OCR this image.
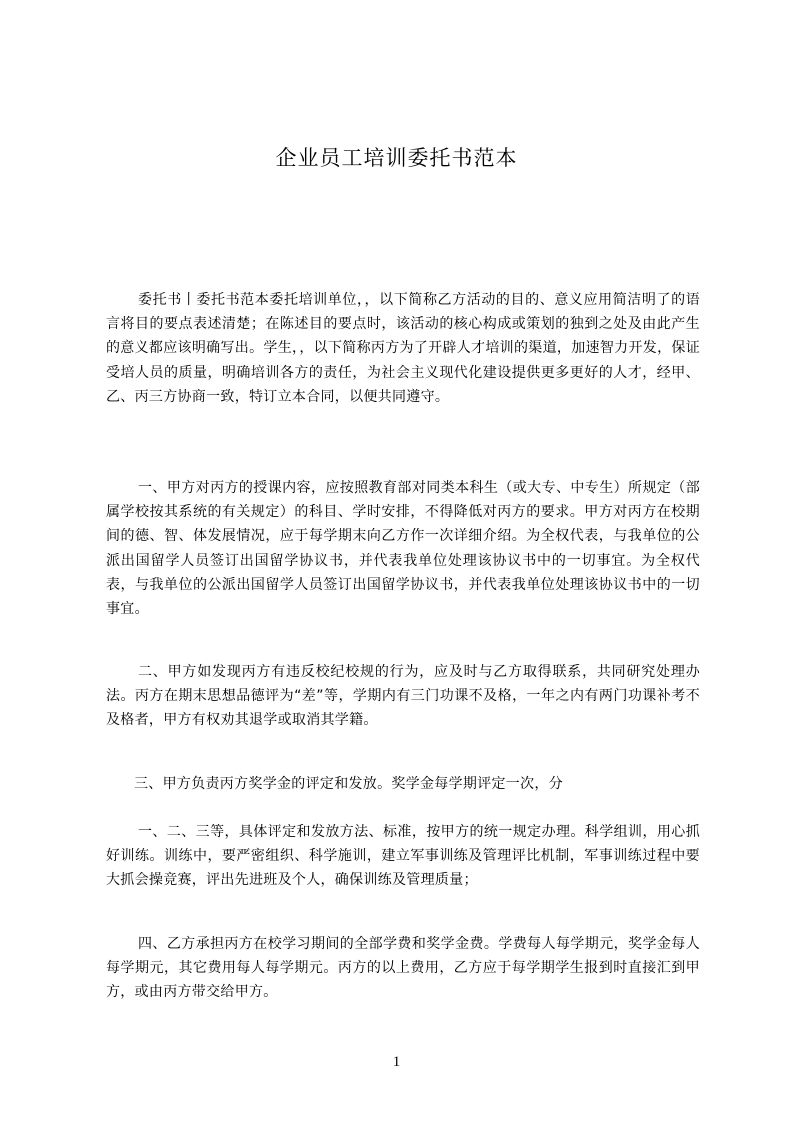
企业员工培训委托书范本

委托书丨委托书范本委托培训单位，，以下简称乙方活动的目的、意义应用简洁明了的语言将目的要点表述清楚；在陈述目的要点时，该活动的核心构成或策划的独到之处及由此产生的意义都应该明确写出。学生，，以下简称丙方为了开辟人才培训的渠道，加速智力开发，保证受培人员的质量，明确培训各方的责任，为社会主义现代化建设提供更多更好的人才，经甲、乙、丙三方协商一致，特订立本合同，以便共同遵守。

一、甲方对丙方的授课内容，应按照教育部对同类本科生（或大专、中专生）所规定（部属学校按其系统的有关规定）的科目、学时安排，不得降低对丙方的要求。甲方对丙方在校期间的德、智、体发展情况，应于每学期末向乙方作一次详细介绍。为全权代表，与我单位的公派出国留学人员签订出国留学协议书，并代表我单位处理该协议书中的一切事宜。为全权代表，与我单位的公派出国留学人员签订出国留学协议书，并代表我单位处理该协议书中的一切事宜。

二、甲方如发现丙方有违反校纪校规的行为，应及时与乙方取得联系，共同研究处理办法。丙方在期末思想品德评为“差”等，学期内有三门功课不及格，一年之内有两门功课补考不及格者，甲方有权劝其退学或取消其学籍。

三、甲方负责丙方奖学金的评定和发放。奖学金每学期评定一次，分

一、二、三等，具体评定和发放方法、标准，按甲方的统一规定办理。科学组训，用心抓好训练。训练中，要严密组织、科学施训，建立军事训练及管理评比机制，军事训练过程中要大抓会操竞赛，评出先进班及个人，确保训练及管理质量；

四、乙方承担丙方在校学习期间的全部学费和奖学金费。学费每人每学期元，奖学金每人每学期元，其它费用每人每学期元。丙方的以上费用，乙方应于每学期学生报到时直接汇到甲方，或由丙方带交给甲方。

1
